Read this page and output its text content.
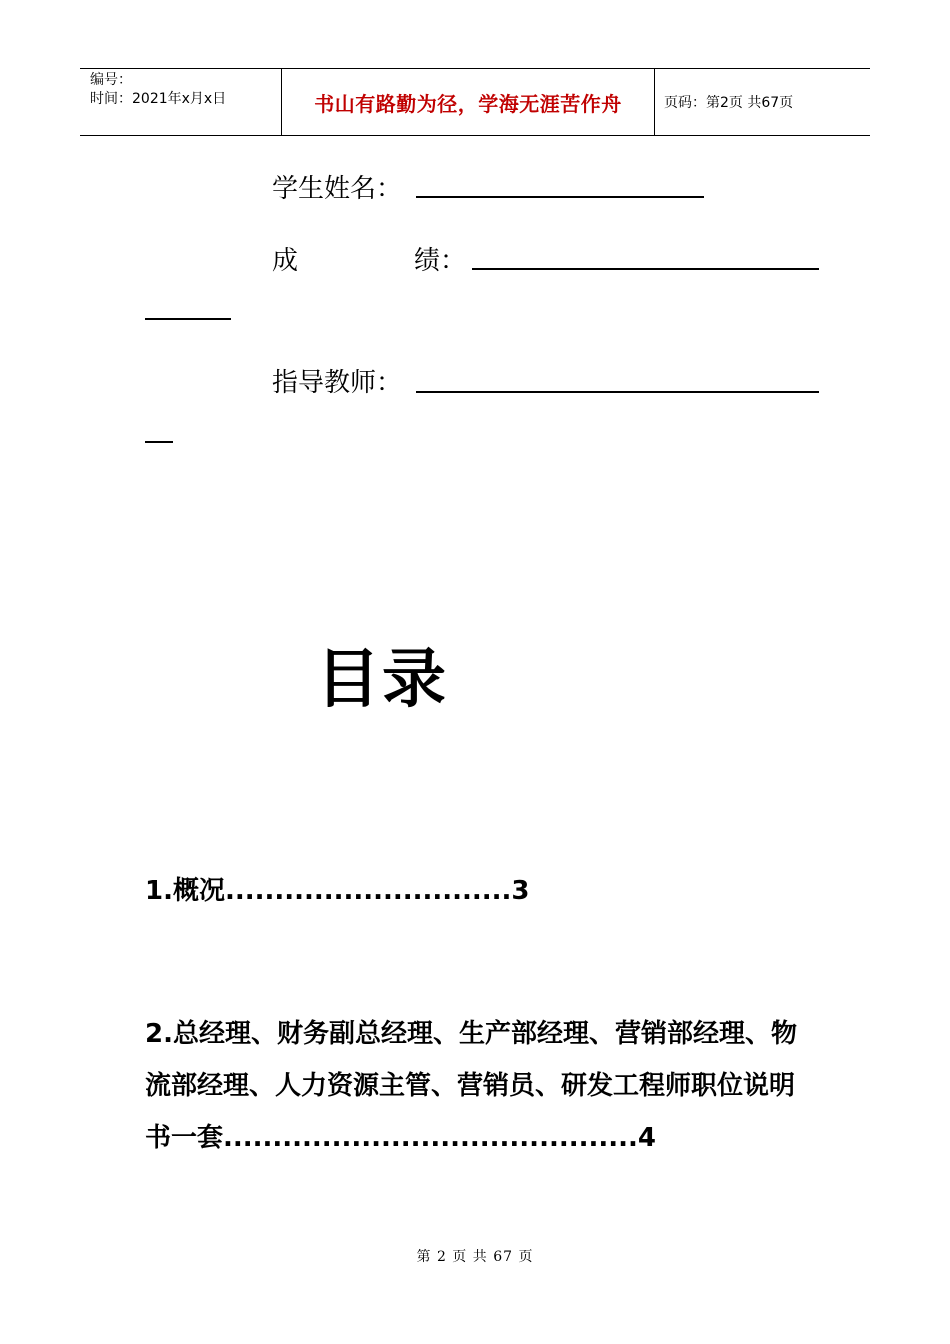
编号：
时间：2021年x月x日	书山有路勤为径，学海无涯苦作舟	页码：第2页 共67页
学生姓名：
成	绩：
指导教师：
目录
1.概况.............................3
2.总经理、财务副总经理、生产部经理、营销部经理、物
流部经理、人力资源主管、营销员、研发工程师职位说明
书一套..........................................4
第 2 页 共 67 页
